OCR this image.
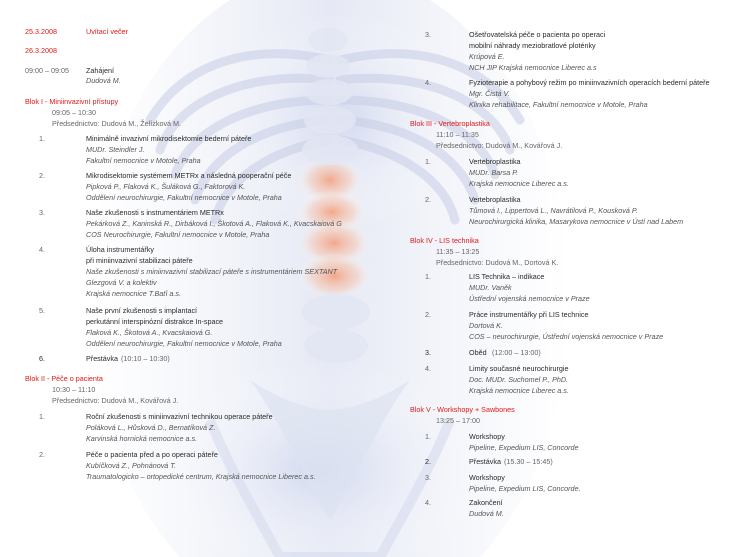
25.3.2008	Uvítací večer
26.3.2008
09:00 – 09:05 Zahájení
Dudová M.
Blok I - Miniinvazivní přístupy
09:05 – 10:30
Předsednictvo: Dudová M., Želízková M.
1.	Minimálně invazivní mikrodisektomie bederní páteře
MUDr. Steindler J.
Fakultní nemocnice v Motole, Praha
2.	Mikrodisektomie systémem METRx a následná pooperační péče
Pipková P., Flaková K., Šuláková G., Faktorová K.
Oddělení neurochirurgie, Fakultní nemocnice v Motole, Praha
3.	Naše zkušenosti s instrumentáriem METRx
Pekárková Z., Kaninská R., Dirbáková I., Škotová A., Flaková K., Kvacskaiová G
COS Neurochirurgie, Fakultní nemocnice v Motole, Praha
4.	Úloha instrumentářky
při miniinvazivní stabilizaci páteře
Naše zkušenosti s miniinvazivní stabilizací páteře s instrumentáriem SEXTANT
Glezgová V. a kolektiv
Krajská nemocnice T.Baťi a.s.
5.	Naše první zkušenosti s implantací
perkutánní interspinózní distrakce In-space
Flaková K., Škotová A., Kvacskaiová G.
Oddělení neurochirurgie, Fakultní nemocnice v Motole, Praha
6.	Přestávka (10:10 – 10:30)
Blok II - Péče o pacienta
10:30 – 11:10
Předsednictvo: Dudová M., Kovářová J.
1.	Roční zkušenosti s miniinvazivní technikou operace páteře
Poláková L., Hůsková D., Bernatíková Z.
Karvinská hornická nemocnice a.s.
2.	Péče o pacienta před a po operaci páteře
Kubíčková Z., Pohnánová T.
Traumatologicko – ortopedické centrum, Krajská nemocnice Liberec a.s.
3.	Ošetřovatelská péče o pacienta po operaci
mobilní náhrady meziobratlové ploténky
Krúpová E.
NCH JIP Krajská nemocnice Liberec a.s
4.	Fyzioterapie a pohybový režim po miniinvazivních operacích bederní páteře
Mgr. Čistá V.
Klinika rehabilitace, Fakultní nemocnice v Motole, Praha
Blok III - Vertebroplastika
11:10 – 11:35
Předsednictvo: Dudová M., Kovářová J.
1.	Vertebroplastika
MUDr. Barsa P.
Krajská nemocnice Liberec a.s.
2.	Vertebroplastika
Tůmová I., Lippertová L., Navrátilová P., Kousková P.
Neurochirurgická klinika, Masarykova nemocnice v Ústí nad Labem
Blok IV - LIS technika
11:35 – 13:25
Předsednictvo: Dudová M., Dortová K.
1.	LIS Technika – indikace
MUDr. Vaněk
Ústřední vojenská nemocnice v Praze
2.	Práce instrumentářky při LIS technice
Dortová K.
COS – neurochirurgie, Ústřední vojenská nemocnice v Praze
3.	Oběd (12:00 – 13:00)
4.	Limity současné neurochirurgie
Doc. MUDr. Suchomel P., PhD.
Krajská nemocnice Liberec a.s.
Blok V - Workshopy + Sawbones
13:25 – 17:00
1.	Workshopy
Pipeline, Expedium LIS, Concorde
2.	Přestávka (15.30 – 15:45)
3.	Workshopy
Pipeline, Expedium LIS, Concorde.
4.	Zakončení
Dudová M.
